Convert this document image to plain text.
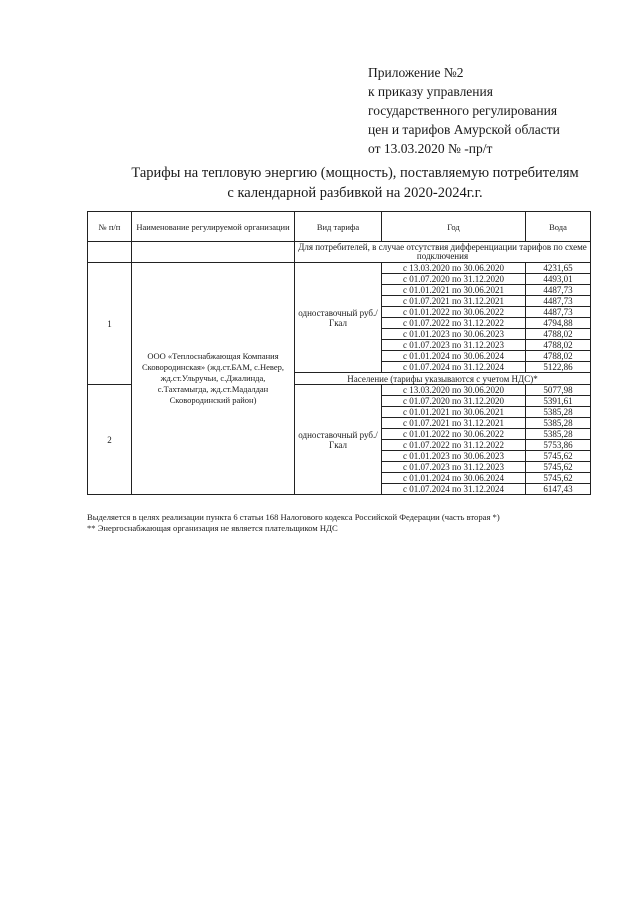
Приложение №2
к приказу управления
государственного регулирования
цен и тарифов Амурской области
от 13.03.2020 № -пр/т
Тарифы на тепловую энергию (мощность), поставляемую потребителям
с календарной разбивкой на 2020-2024г.г.
№ п/п	Наименование регулируемой организации	Вид тарифа	Год	Вода
		Для потребителей, в случае отсутствия дифференциации тарифов по схеме подключения		
1	ООО «Теплоснабжающая Компания Сковородинская» (жд.ст.БАМ, с.Невер, жд.ст.Ульручьи, с.Джалинда, с.Тахтамыгда, жд.ст.Мадалдан Сковородинский район)	одноставочный руб./Гкал	с 13.03.2020 по 30.06.2020	4231,65
			с 01.07.2020 по 31.12.2020	4493,01
			с 01.01.2021 по 30.06.2021	4487,73
			с 01.07.2021 по 31.12.2021	4487,73
			с 01.01.2022 по 30.06.2022	4487,73
			с 01.07.2022 по 31.12.2022	4794,88
			с 01.01.2023 по 30.06.2023	4788,02
			с 01.07.2023 по 31.12.2023	4788,02
			с 01.01.2024 по 30.06.2024	4788,02
			с 01.07.2024 по 31.12.2024	5122,86
		Население (тарифы указываются с учетом НДС)*		
2		одноставочный руб./Гкал	с 13.03.2020 по 30.06.2020	5077,98
			с 01.07.2020 по 31.12.2020	5391,61
			с 01.01.2021 по 30.06.2021	5385,28
			с 01.07.2021 по 31.12.2021	5385,28
			с 01.01.2022 по 30.06.2022	5385,28
			с 01.07.2022 по 31.12.2022	5753,86
			с 01.01.2023 по 30.06.2023	5745,62
			с 01.07.2023 по 31.12.2023	5745,62
			с 01.01.2024 по 30.06.2024	5745,62
			с 01.07.2024 по 31.12.2024	6147,43
Выделяется в целях реализации пункта 6 статьи 168 Налогового кодекса Российской Федерации (часть вторая *)
** Энергоснабжающая организация не является плательщиком НДС
